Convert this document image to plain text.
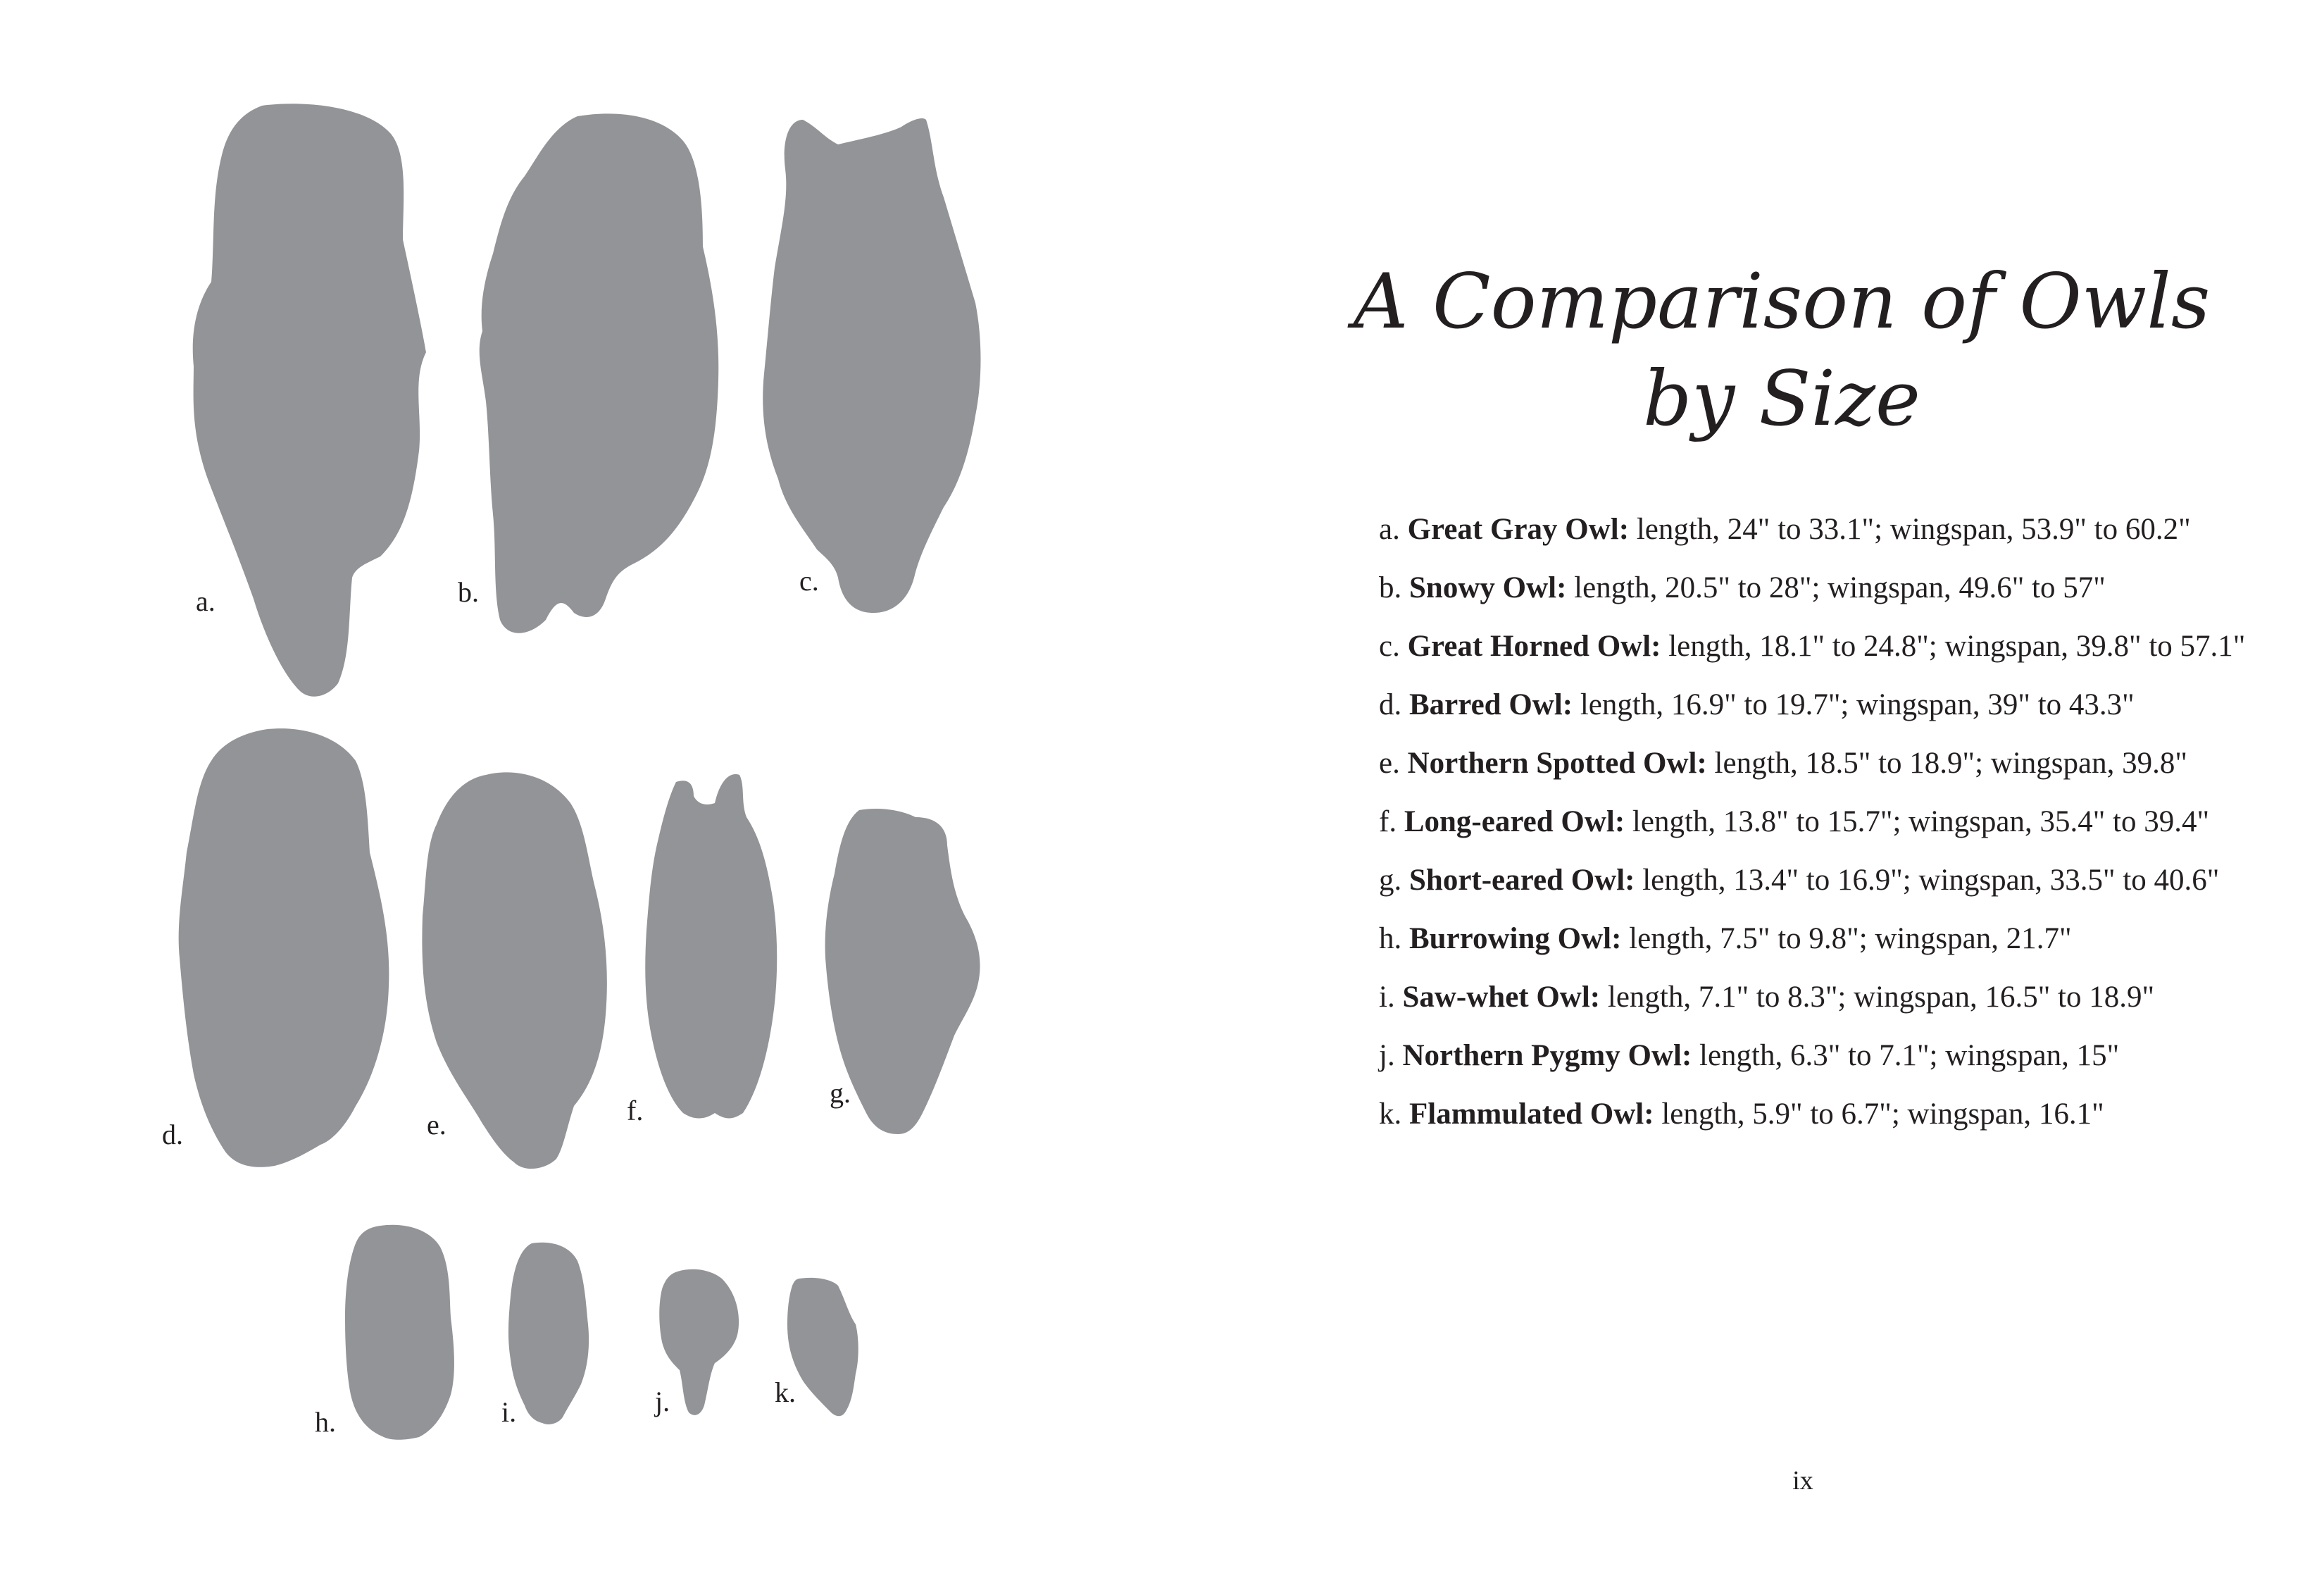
a.	b.	c.
d.	e.	f.
g.
h.	i.	j.	k.
A Comparison of Owls
by Size
a. Great Gray Owl: length, 24" to 33.1"; wingspan, 53.9" to 60.2"
b. Snowy Owl: length, 20.5" to 28"; wingspan, 49.6" to 57"
c. Great Horned Owl: length, 18.1" to 24.8"; wingspan, 39.8" to 57.1"
d. Barred Owl: length, 16.9" to 19.7"; wingspan, 39" to 43.3"
e. Northern Spotted Owl: length, 18.5" to 18.9"; wingspan, 39.8"
f. Long-eared Owl: length, 13.8" to 15.7"; wingspan, 35.4" to 39.4"
g. Short-eared Owl: length, 13.4" to 16.9"; wingspan, 33.5" to 40.6"
h. Burrowing Owl: length, 7.5" to 9.8"; wingspan, 21.7"
i. Saw-whet Owl: length, 7.1" to 8.3"; wingspan, 16.5" to 18.9"
j. Northern Pygmy Owl: length, 6.3" to 7.1"; wingspan, 15"
k. Flammulated Owl: length, 5.9" to 6.7"; wingspan, 16.1"
ix
